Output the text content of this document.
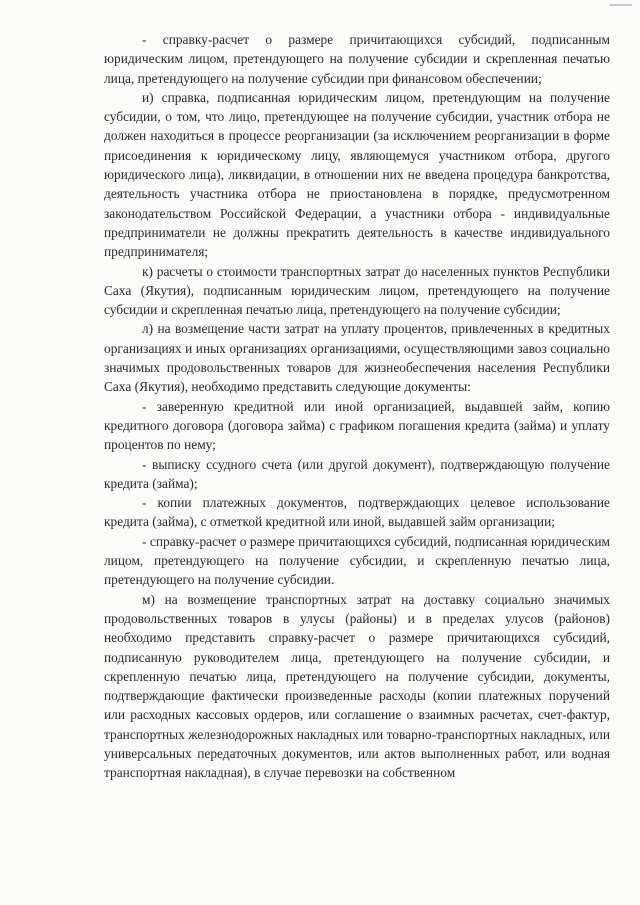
- справку-расчет о размере причитающихся субсидий, подписанным юридическим лицом, претендующего на получение субсидии и скрепленная печатью лица, претендующего на получение субсидии при финансовом обеспечении;

и) справка, подписанная юридическим лицом, претендующим на получение субсидии, о том, что лицо, претендующее на получение субсидии, участник отбора не должен находиться в процессе реорганизации (за исключением реорганизации в форме присоединения к юридическому лицу, являющемуся участником отбора, другого юридического лица), ликвидации, в отношении них не введена процедура банкротства, деятельность участника отбора не приостановлена в порядке, предусмотренном законодательством Российской Федерации, а участники отбора - индивидуальные предприниматели не должны прекратить деятельность в качестве индивидуального предпринимателя;

к) расчеты о стоимости транспортных затрат до населенных пунктов Республики Саха (Якутия), подписанным юридическим лицом, претендующего на получение субсидии и скрепленная печатью лица, претендующего на получение субсидии;

л) на возмещение части затрат на уплату процентов, привлеченных в кредитных организациях и иных организациях организациями, осуществляющими завоз социально значимых продовольственных товаров для жизнеобеспечения населения Республики Саха (Якутия), необходимо представить следующие документы:

- заверенную кредитной или иной организацией, выдавшей займ, копию кредитного договора (договора займа) с графиком погашения кредита (займа) и уплату процентов по нему;

- выписку ссудного счета (или другой документ), подтверждающую получение кредита (займа);

- копии платежных документов, подтверждающих целевое использование кредита (займа), с отметкой кредитной или иной, выдавшей займ организации;

- справку-расчет о размере причитающихся субсидий, подписанная юридическим лицом, претендующего на получение субсидии, и скрепленную печатью лица, претендующего на получение субсидии.

м) на возмещение транспортных затрат на доставку социально значимых продовольственных товаров в улусы (районы) и в пределах улусов (районов) необходимо представить справку-расчет о размере причитающихся субсидий, подписанную руководителем лица, претендующего на получение субсидии, и скрепленную печатью лица, претендующего на получение субсидии, документы, подтверждающие фактически произведенные расходы (копии платежных поручений или расходных кассовых ордеров, или соглашение о взаимных расчетах, счет-фактур, транспортных железнодорожных накладных или товарно-транспортных накладных, или универсальных передаточных документов, или актов выполненных работ, или водная транспортная накладная), в случае перевозки на собственном
